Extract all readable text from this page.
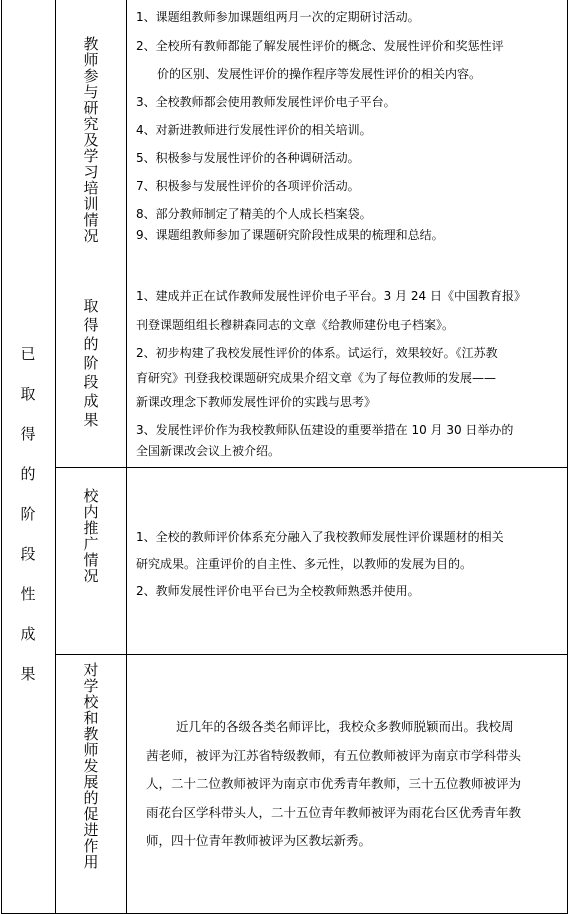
已
取
得
的
阶
段
性
成
果
教
师
参
与
研
究
及
学
习
培
训
情
况
取
得
的
阶
段
成
果
校
内
推
广
情
况
对
学
校
和
教
师
发
展
的
促
进
作
用
1、课题组教师参加课题组两月一次的定期研讨活动。
2、全校所有教师都能了解发展性评价的概念、发展性评价和奖惩性评
价的区别、发展性评价的操作程序等发展性评价的相关内容。
3、全校教师都会使用教师发展性评价电子平台。
4、对新进教师进行发展性评价的相关培训。
5、积极参与发展性评价的各种调研活动。
7、积极参与发展性评价的各项评价活动。
8、部分教师制定了精美的个人成长档案袋。
9、课题组教师参加了课题研究阶段性成果的梳理和总结。
1、建成并正在试作教师发展性评价电子平台。3 月 24 日《中国教育报》
刊登课题组组长穆耕森同志的文章《给教师建份电子档案》。
2、初步构建了我校发展性评价的体系。试运行，效果较好。《江苏教
育研究》刊登我校课题研究成果介绍文章《为了每位教师的发展——
新课改理念下教师发展性评价的实践与思考》
3、发展性评价作为我校教师队伍建设的重要举措在 10 月 30 日举办的
全国新课改会议上被介绍。
1、全校的教师评价体系充分融入了我校教师发展性评价课题材的相关
研究成果。注重评价的自主性、多元性，以教师的发展为目的。
2、教师发展性评价电平台已为全校教师熟悉并使用。
近几年的各级各类名师评比，我校众多教师脱颖而出。我校周
茜老师，被评为江苏省特级教师，有五位教师被评为南京市学科带头
人，二十二位教师被评为南京市优秀青年教师，三十五位教师被评为
雨花台区学科带头人，二十五位青年教师被评为雨花台区优秀青年教
师，四十位青年教师被评为区教坛新秀。
